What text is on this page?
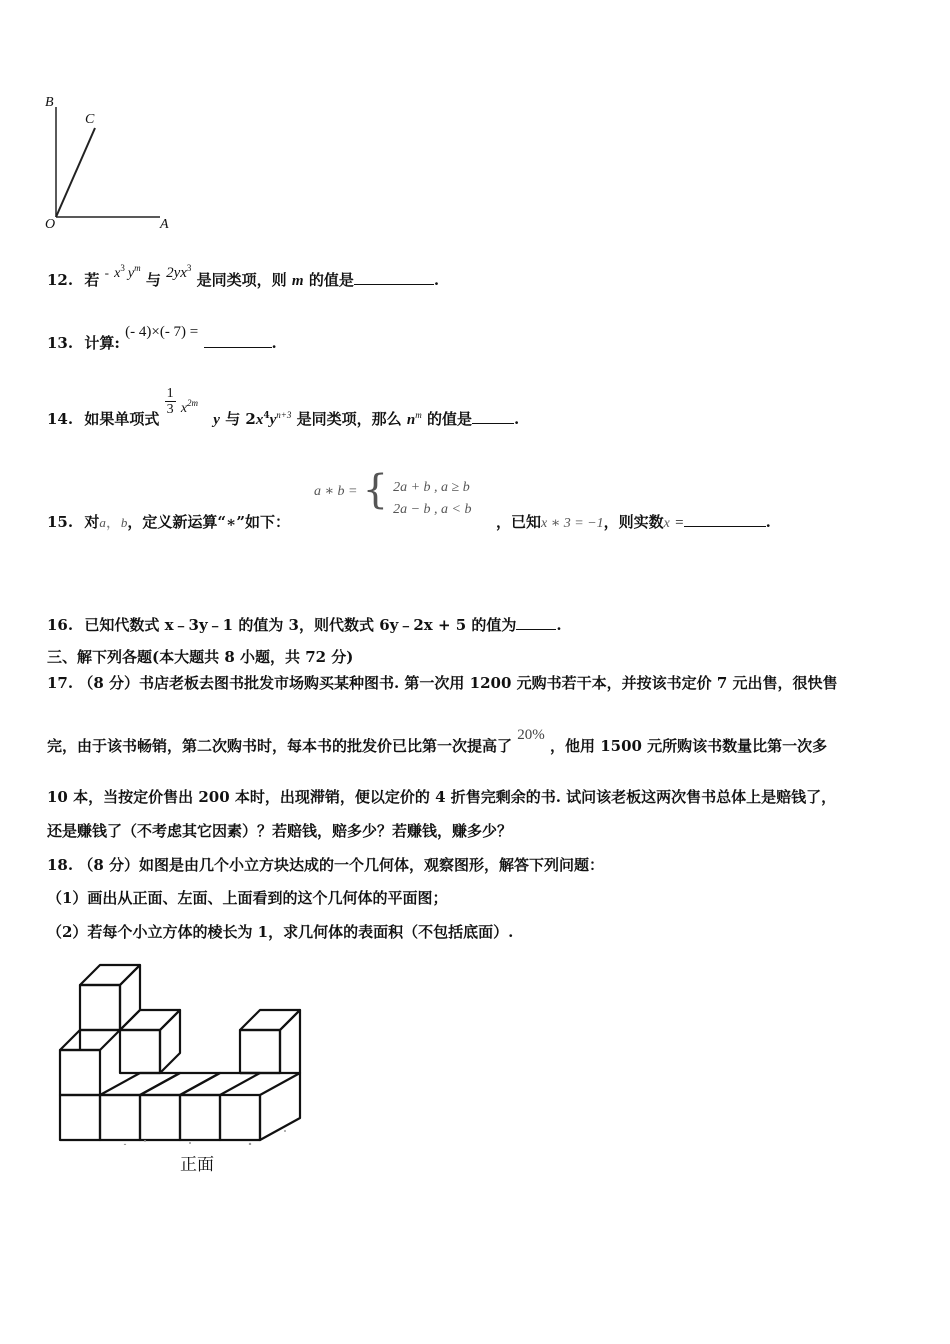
B
C
O	A
12. 若 - $x^3$ $y^m$ 与 $2yx^3$ 是同类项，则 m 的值是	.
13. 计算: (- 4)×(- 7) = .
14. 如果单项式
$\frac{1}{3} x^{2m}$ y 与 $2x^4y^{n+3}$ 是同类项，那么 $n^m$ 的值是	.
15. 对a，b，定义新运算“∗”如下：
a ∗ b = { 2a + b , a ≥ b
2a − b , a < b
，已知x ∗ 3 = −1，则实数x =	.
16. 已知代数式 x﹣3y﹣1 的值为 3，则代数式 6y﹣2x + 5 的值为	.
三、解下列各题(本大题共 8 小题，共 72 分)
17. （8 分）书店老板去图书批发市场购买某种图书. 第一次用 1200 元购书若干本，并按该书定价 7 元出售，很快售
完，由于该书畅销，第二次购书时，每本书的批发价已比第一次提高了 20% ，他用 1500 元所购该书数量比第一次多
10 本，当按定价售出 200 本时，出现滞销，便以定价的 4 折售完剩余的书. 试问该老板这两次售书总体上是赔钱了，
还是赚钱了（不考虑其它因素）？若赔钱，赔多少？若赚钱，赚多少？
18. （8 分）如图是由几个小立方块达成的一个几何体，观察图形，解答下列问题：
（1）画出从正面、左面、上面看到的这个几何体的平面图；
（2）若每个小立方体的棱长为 1，求几何体的表面积（不包括底面）.
正面
